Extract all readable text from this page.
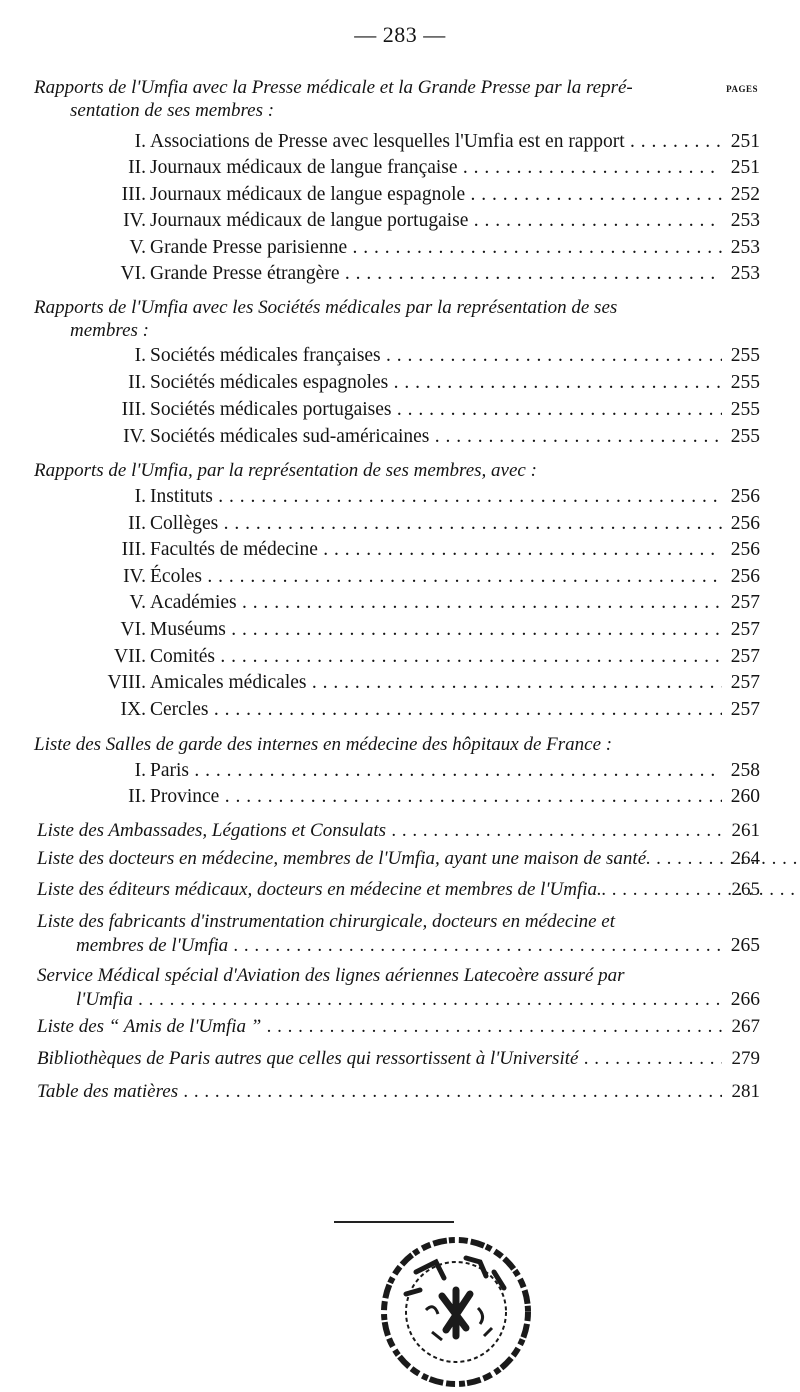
— 283 —
PAGES
Rapports de l'Umfia avec la Presse médicale et la Grande Presse par la repré-
sentation de ses membres :
I. Associations de Presse avec lesquelles l'Umfia est en rapport . . .	251
II. Journaux médicaux de langue française . . .	251
III. Journaux médicaux de langue espagnole . . .	252
IV. Journaux médicaux de langue portugaise . . .	253
V. Grande Presse parisienne . . .	253
VI. Grande Presse étrangère . . .	253
Rapports de l'Umfia avec les Sociétés médicales par la représentation de ses
membres :
I. Sociétés médicales françaises . . .	255
II. Sociétés médicales espagnoles . . .	255
III. Sociétés médicales portugaises . . .	255
IV. Sociétés médicales sud-américaines . . .	255
Rapports de l'Umfia, par la représentation de ses membres, avec :
I. Instituts . . .	256
II. Collèges . . .	256
III. Facultés de médecine . . .	256
IV. Écoles . . .	256
V. Académies . . .	257
VI. Muséums . . .	257
VII. Comités . . .	257
VIII. Amicales médicales . . .	257
IX. Cercles . . .	257
Liste des Salles de garde des internes en médecine des hôpitaux de France :
I. Paris . . .	258
II. Province . . .	260
Liste des Ambassades, Légations et Consulats . . .	261
Liste des docteurs en médecine, membres de l'Umfia, ayant une maison de santé. . . .	264
Liste des éditeurs médicaux, docteurs en médecine et membres de l'Umfia.. . . .	265
Liste des fabricants d'instrumentation chirurgicale, docteurs en médecine et
membres de l'Umfia . . .	265
Service Médical spécial d'Aviation des lignes aériennes Latecoère assuré par
l'Umfia . . .	266
Liste des “ Amis de l'Umfia ” . . .	267
Bibliothèques de Paris autres que celles qui ressortissent à l'Université . . .	279
Table des matières . . .	281
